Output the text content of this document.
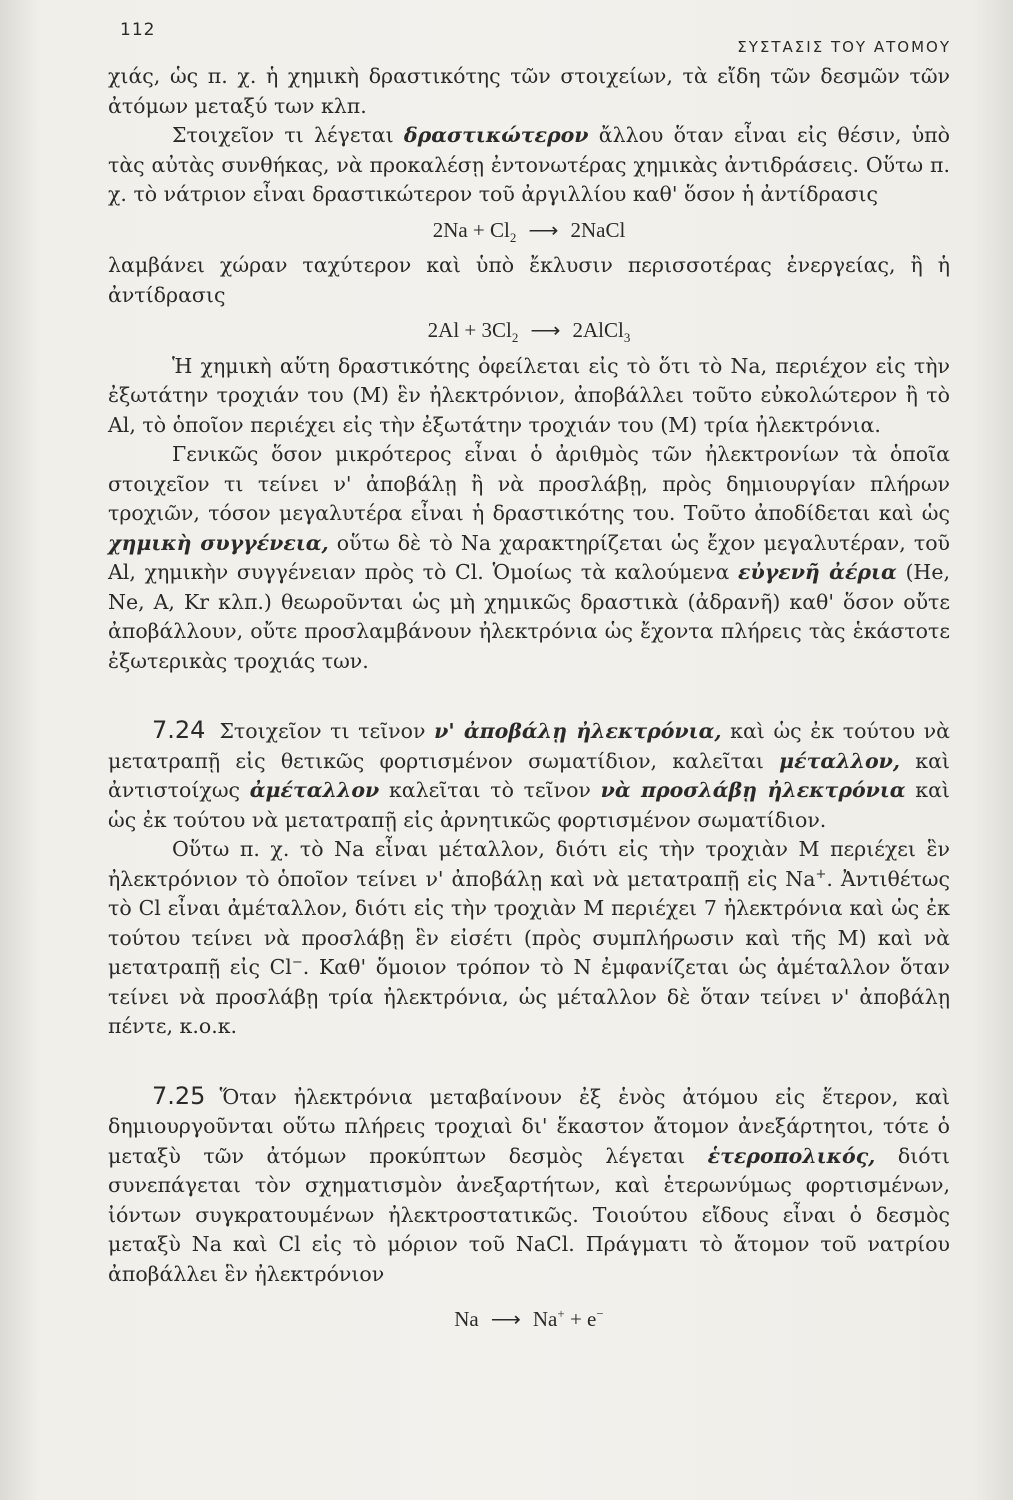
112
ΣΥΣΤΑΣΙΣ ΤΟΥ ΑΤΟΜΟΥ

χιάς, ὡς π. χ. ἡ χημικὴ δραστικότης τῶν στοιχείων, τὰ εἴδη τῶν δεσμῶν τῶν ἀτόμων μεταξύ των κλπ.

Στοιχεῖον τι λέγεται δραστικώτερον ἄλλου ὅταν εἶναι εἰς θέσιν, ὑπὸ τὰς αὐτὰς συνθήκας, νὰ προκαλέσῃ ἐντονωτέρας χημικὰς ἀντιδράσεις. Οὕτω π. χ. τὸ νάτριον εἶναι δραστικώτερον τοῦ ἀργιλλίου καθ' ὅσον ἡ ἀντίδρασις

$2Na + Cl_2$ ⟶ 2NaCl

λαμβάνει χώραν ταχύτερον καὶ ὑπὸ ἔκλυσιν περισσοτέρας ἐνεργείας, ἢ ἡ ἀντίδρασις

$2Al + 3Cl_2$ ⟶ 2AlCl$_3$

Ἡ χημικὴ αὕτη δραστικότης ὀφείλεται εἰς τὸ ὅτι τὸ Na, περιέχον εἰς τὴν ἐξωτάτην τροχιάν του (M) ἓν ἠλεκτρόνιον, ἀποβάλλει τοῦτο εὐκολώτερον ἢ τὸ Al, τὸ ὁποῖον περιέχει εἰς τὴν ἐξωτάτην τροχιάν του (M) τρία ἠλεκτρόνια.

Γενικῶς ὅσον μικρότερος εἶναι ὁ ἀριθμὸς τῶν ἠλεκτρονίων τὰ ὁποῖα στοιχεῖον τι τείνει ν' ἀποβάλῃ ἢ νὰ προσλάβῃ, πρὸς δημιουργίαν πλήρων τροχιῶν, τόσον μεγαλυτέρα εἶναι ἡ δραστικότης του. Τοῦτο ἀποδίδεται καὶ ὡς χημικὴ συγγένεια, οὕτω δὲ τὸ Na χαρακτηρίζεται ὡς ἔχον μεγαλυτέραν, τοῦ Al, χημικὴν συγγένειαν πρὸς τὸ Cl. Ὁμοίως τὰ καλούμενα εὐγενῆ ἀέρια (He, Ne, A, Kr κλπ.) θεωροῦνται ὡς μὴ χημικῶς δραστικὰ (ἀδρανῆ) καθ' ὅσον οὔτε ἀποβάλλουν, οὔτε προσλαμβάνουν ἠλεκτρόνια ὡς ἔχοντα πλήρεις τὰς ἑκάστοτε ἐξωτερικὰς τροχιάς των.

7.24 Στοιχεῖον τι τεῖνον ν' ἀποβάλῃ ἠλεκτρόνια, καὶ ὡς ἐκ τούτου νὰ μετατραπῇ εἰς θετικῶς φορτισμένον σωματίδιον, καλεῖται μέταλλον, καὶ ἀντιστοίχως ἀμέταλλον καλεῖται τὸ τεῖνον νὰ προσλάβῃ ἠλεκτρόνια καὶ ὡς ἐκ τούτου νὰ μετατραπῇ εἰς ἀρνητικῶς φορτισμένον σωματίδιον.

Οὕτω π. χ. τὸ Na εἶναι μέταλλον, διότι εἰς τὴν τροχιὰν M περιέχει ἓν ἠλεκτρόνιον τὸ ὁποῖον τείνει ν' ἀποβάλῃ καὶ νὰ μετατραπῇ εἰς Na+. Ἀντιθέτως τὸ Cl εἶναι ἀμέταλλον, διότι εἰς τὴν τροχιὰν M περιέχει 7 ἠλεκτρόνια καὶ ὡς ἐκ τούτου τείνει νὰ προσλάβῃ ἓν εἰσέτι (πρὸς συμπλήρωσιν καὶ τῆς M) καὶ νὰ μετατραπῇ εἰς Cl−. Καθ' ὅμοιον τρόπον τὸ N ἐμφανίζεται ὡς ἀμέταλλον ὅταν τείνει νὰ προσλάβῃ τρία ἠλεκτρόνια, ὡς μέταλλον δὲ ὅταν τείνει ν' ἀποβάλῃ πέντε, κ.ο.κ.

7.25 Ὅταν ἠλεκτρόνια μεταβαίνουν ἐξ ἑνὸς ἀτόμου εἰς ἕτερον, καὶ δημιουργοῦνται οὕτω πλήρεις τροχιαὶ δι' ἕκαστον ἄτομον ἀνεξάρτητοι, τότε ὁ μεταξὺ τῶν ἀτόμων προκύπτων δεσμὸς λέγεται ἑτεροπολικός, διότι συνεπάγεται τὸν σχηματισμὸν ἀνεξαρτήτων, καὶ ἑτερωνύμως φορτισμένων, ἰόντων συγκρατουμένων ἠλεκτροστατικῶς. Τοιούτου εἴδους εἶναι ὁ δεσμὸς μεταξὺ Na καὶ Cl εἰς τὸ μόριον τοῦ NaCl. Πράγματι τὸ ἄτομον τοῦ νατρίου ἀποβάλλει ἓν ἠλεκτρόνιον

Na ⟶ Na+ + e−
